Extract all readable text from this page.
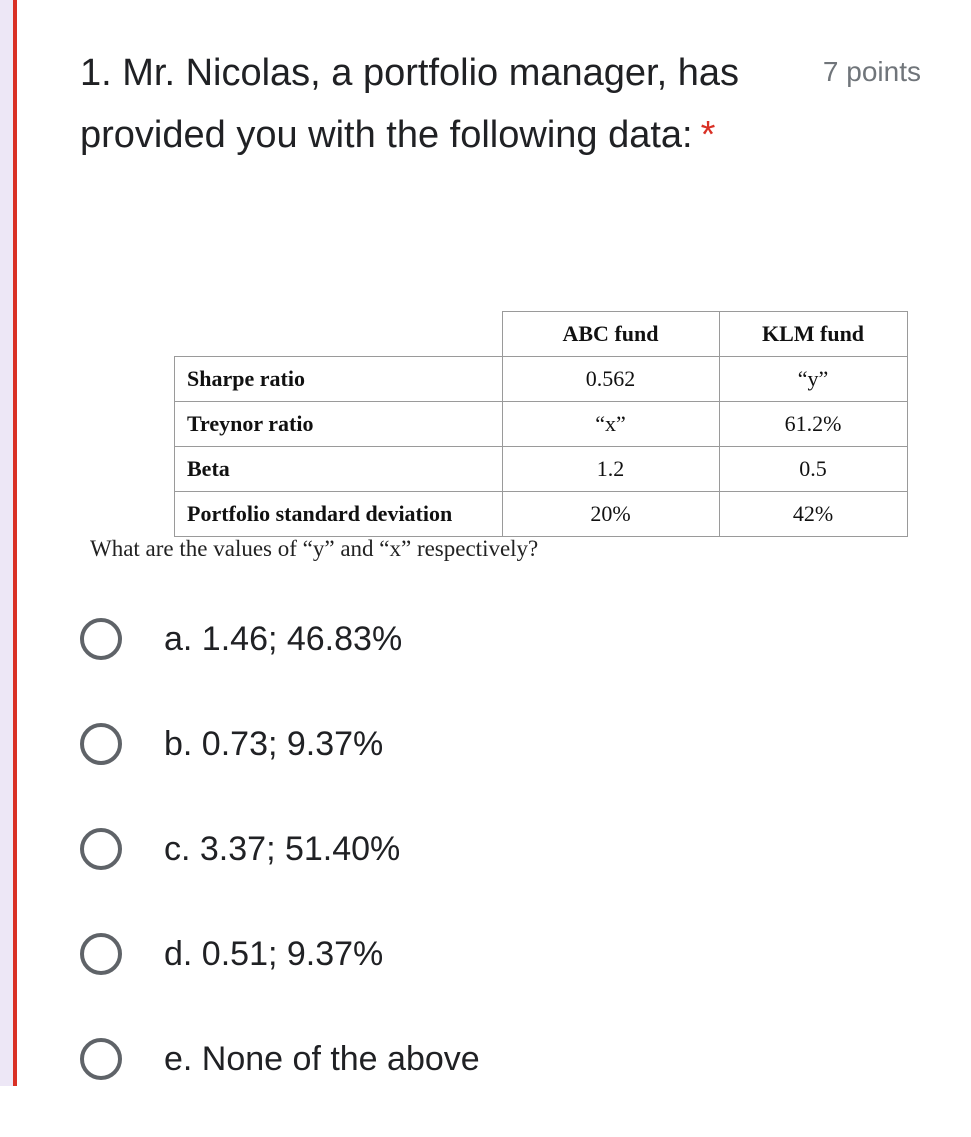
1. Mr. Nicolas, a portfolio manager, has provided you with the following data: *
7 points
	ABC fund	KLM fund
Sharpe ratio	0.562	“y”
Treynor ratio	“x”	61.2%
Beta	1.2	0.5
Portfolio standard deviation	20%	42%
What are the values of “y” and “x” respectively?
a. 1.46; 46.83%
b. 0.73; 9.37%
c. 3.37; 51.40%
d. 0.51; 9.37%
e. None of the above
